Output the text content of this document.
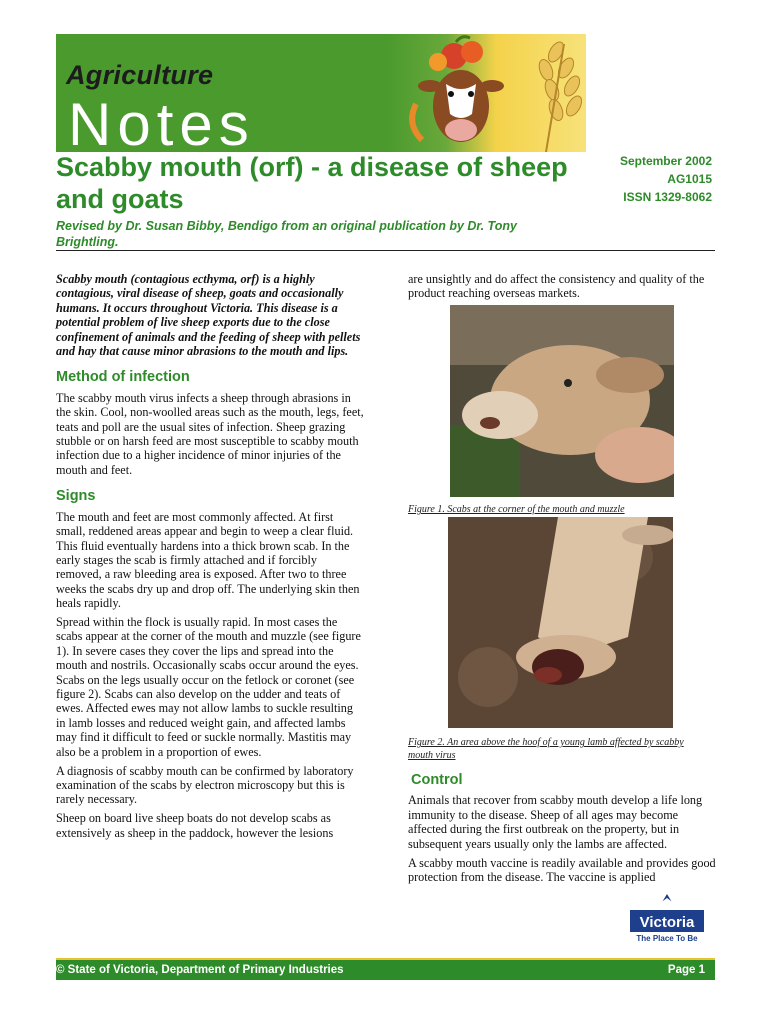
Agriculture
Notes
Scabby mouth (orf) - a disease of sheep and goats
September 2002
AG1015
ISSN 1329-8062
Revised by Dr. Susan Bibby, Bendigo from an original publication by Dr. Tony Brightling.

Scabby mouth (contagious ecthyma, orf) is a highly contagious, viral disease of sheep, goats and occasionally humans. It occurs throughout Victoria. This disease is a potential problem of live sheep exports due to the close confinement of animals and the feeding of sheep with pellets and hay that cause minor abrasions to the mouth and lips.

Method of infection

The scabby mouth virus infects a sheep through abrasions in the skin. Cool, non-woolled areas such as the mouth, legs, feet, teats and poll are the usual sites of infection. Sheep grazing stubble or on harsh feed are most susceptible to scabby mouth infection due to a higher incidence of minor injuries of the mouth and feet.

Signs

The mouth and feet are most commonly affected. At first small, reddened areas appear and begin to weep a clear fluid. This fluid eventually hardens into a thick brown scab. In the early stages the scab is firmly attached and if forcibly removed, a raw bleeding area is exposed. After two to three weeks the scabs dry up and drop off. The underlying skin then heals rapidly.

Spread within the flock is usually rapid. In most cases the scabs appear at the corner of the mouth and muzzle (see figure 1). In severe cases they cover the lips and spread into the mouth and nostrils. Occasionally scabs occur around the eyes. Scabs on the legs usually occur on the fetlock or coronet (see figure 2). Scabs can also develop on the udder and teats of ewes. Affected ewes may not allow lambs to suckle resulting in lamb losses and reduced weight gain, and affected lambs may find it difficult to feed or suckle normally. Mastitis may also be a problem in a proportion of ewes.

A diagnosis of scabby mouth can be confirmed by laboratory examination of the scabs by electron microscopy but this is rarely necessary.

Sheep on board live sheep boats do not develop scabs as extensively as sheep in the paddock, however the lesions

are unsightly and do affect the consistency and quality of the product reaching overseas markets.

Figure 1. Scabs at the corner of the mouth and muzzle
Figure 2. An area above the hoof of a young lamb affected by scabby mouth virus
Control

Animals that recover from scabby mouth develop a life long immunity to the disease. Sheep of all ages may become affected during the first outbreak on the property, but in subsequent years usually only the lambs are affected.

A scabby mouth vaccine is readily available and provides good protection from the disease. The vaccine is applied

Victoria
The Place To Be
© State of Victoria, Department of Primary Industries	Page 1
